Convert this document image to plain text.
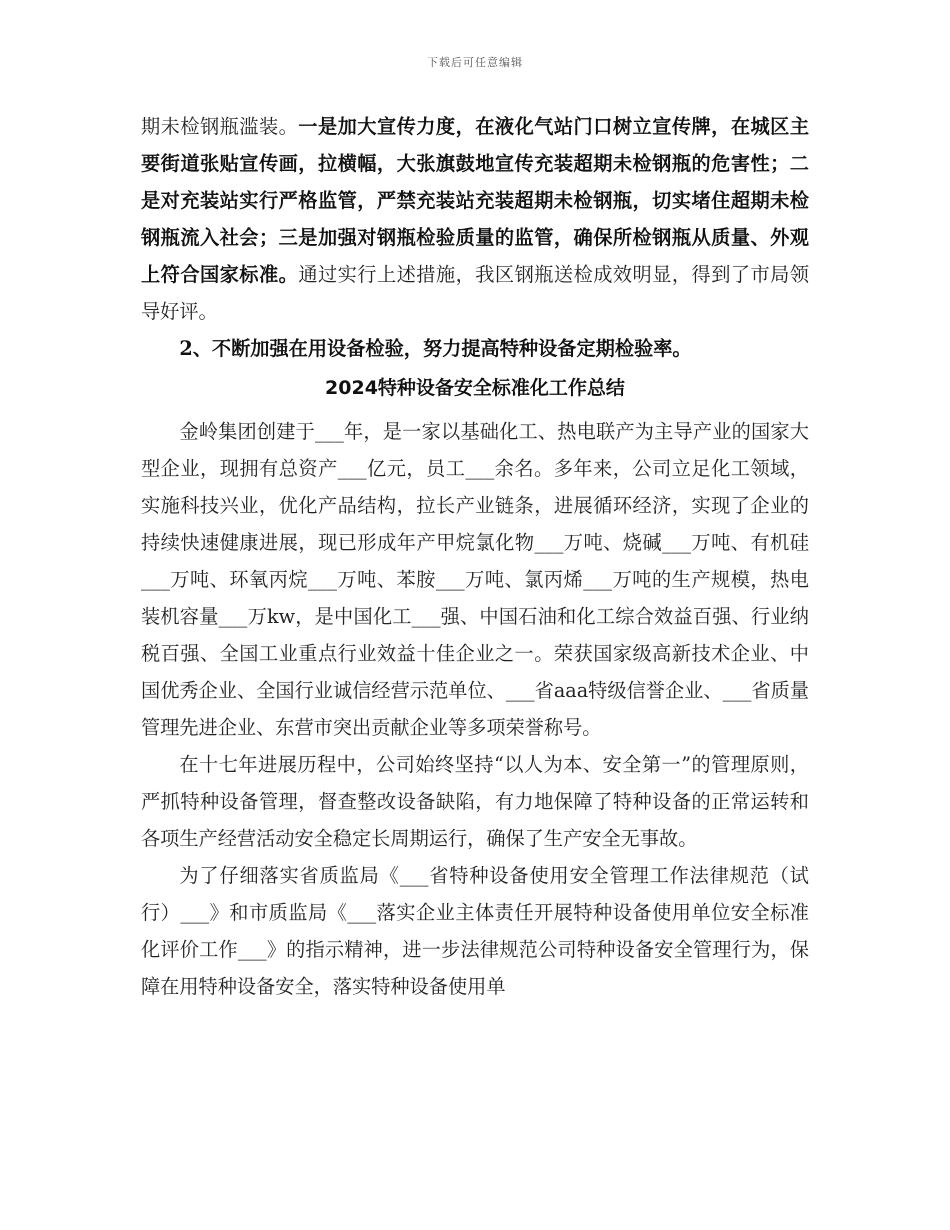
下载后可任意编辑

期未检钢瓶滥装。一是加大宣传力度，在液化气站门口树立宣传牌，在城区主要街道张贴宣传画，拉横幅，大张旗鼓地宣传充装超期未检钢瓶的危害性；二是对充装站实行严格监管，严禁充装站充装超期未检钢瓶，切实堵住超期未检钢瓶流入社会；三是加强对钢瓶检验质量的监管，确保所检钢瓶从质量、外观上符合国家标准。通过实行上述措施，我区钢瓶送检成效明显，得到了市局领导好评。

2、不断加强在用设备检验，努力提高特种设备定期检验率。

2024特种设备安全标准化工作总结

金岭集团创建于___年，是一家以基础化工、热电联产为主导产业的国家大型企业，现拥有总资产___亿元，员工___余名。多年来，公司立足化工领域，实施科技兴业，优化产品结构，拉长产业链条，进展循环经济，实现了企业的持续快速健康进展，现已形成年产甲烷氯化物___万吨、烧碱___万吨、有机硅___万吨、环氧丙烷___万吨、苯胺___万吨、氯丙烯___万吨的生产规模，热电装机容量___万kw，是中国化工___强、中国石油和化工综合效益百强、行业纳税百强、全国工业重点行业效益十佳企业之一。荣获国家级高新技术企业、中国优秀企业、全国行业诚信经营示范单位、___省aaa特级信誉企业、___省质量管理先进企业、东营市突出贡献企业等多项荣誉称号。

在十七年进展历程中，公司始终坚持“以人为本、安全第一”的管理原则，严抓特种设备管理，督查整改设备缺陷，有力地保障了特种设备的正常运转和各项生产经营活动安全稳定长周期运行，确保了生产安全无事故。

为了仔细落实省质监局《___省特种设备使用安全管理工作法律规范（试行）___》和市质监局《___落实企业主体责任开展特种设备使用单位安全标准化评价工作___》的指示精神，进一步法律规范公司特种设备安全管理行为，保障在用特种设备安全，落实特种设备使用单
